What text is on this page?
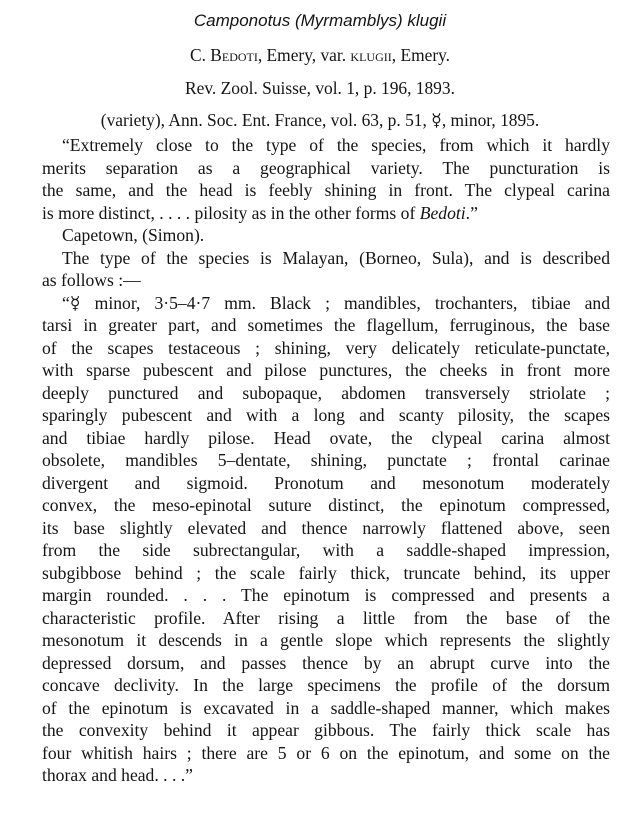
Camponotus (Myrmamblys) klugii
C. Bedoti, Emery, var. klugii, Emery.
Rev. Zool. Suisse, vol. 1, p. 196, 1893.
(variety), Ann. Soc. Ent. France, vol. 63, p. 51, ☿, minor, 1895.
“Extremely close to the type of the species, from which it hardly
merits separation as a geographical variety. The puncturation is
the same, and the head is feebly shining in front. The clypeal carina
is more distinct, . . . . pilosity as in the other forms of Bedoti.”
Capetown, (Simon).
The type of the species is Malayan, (Borneo, Sula), and is described
as follows :—
“☿ minor, 3·5–4·7 mm. Black ; mandibles, trochanters, tibiae and
tarsi in greater part, and sometimes the flagellum, ferruginous, the base
of the scapes testaceous ; shining, very delicately reticulate-punctate,
with sparse pubescent and pilose punctures, the cheeks in front more
deeply punctured and subopaque, abdomen transversely striolate ;
sparingly pubescent and with a long and scanty pilosity, the scapes
and tibiae hardly pilose. Head ovate, the clypeal carina almost
obsolete, mandibles 5–dentate, shining, punctate ; frontal carinae
divergent and sigmoid. Pronotum and mesonotum moderately
convex, the meso-epinotal suture distinct, the epinotum compressed,
its base slightly elevated and thence narrowly flattened above, seen
from the side subrectangular, with a saddle-shaped impression,
subgibbose behind ; the scale fairly thick, truncate behind, its upper
margin rounded. . . . The epinotum is compressed and presents a
characteristic profile. After rising a little from the base of the
mesonotum it descends in a gentle slope which represents the slightly
depressed dorsum, and passes thence by an abrupt curve into the
concave declivity. In the large specimens the profile of the dorsum
of the epinotum is excavated in a saddle-shaped manner, which makes
the convexity behind it appear gibbous. The fairly thick scale has
four whitish hairs ; there are 5 or 6 on the epinotum, and some on the
thorax and head. . . .”
